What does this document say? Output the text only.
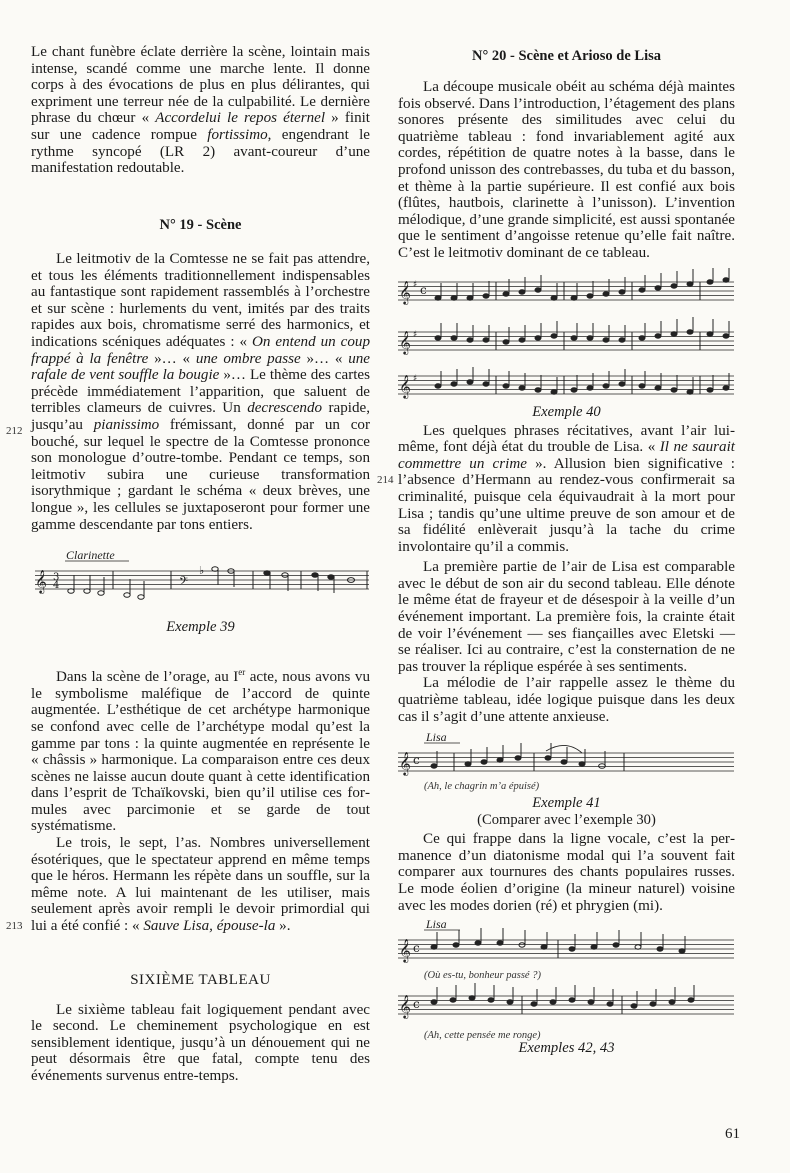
Le chant funèbre éclate derrière la scène, lointain mais intense, scandé comme une marche lente. Il donne corps à des évocations de plus en plus délirantes, qui expriment une terreur née de la culpabilité. Le dernière phrase du chœur « Accordelui le repos éternel » finit sur une cadence rompue fortissimo, engendrant le rythme syncopé (LR 2) avant-coureur d’une manifestation redoutable.

N° 19 - Scène

Le leitmotiv de la Comtesse ne se fait pas attendre, et tous les éléments traditionnellement indispensables au fantastique sont rapidement rassemblés à l’orchestre et sur scène : hurlements du vent, imités par des traits rapides aux bois, chromatisme serré des harmonics, et indications scéniques adéquates : « On entend un coup frappé à la fenêtre »… « une ombre passe »… « une rafale de vent souffle la bougie »… Le thème des cartes précède immédiatement l’apparition, que saluent de terribles clameurs de cuivres. Un decrescendo rapide, jusqu’au pianissimo frémissant, donné par un cor bouché, sur lequel le spectre de la Comtesse prononce son monologue d’outre-tombe. Pendant ce temps, son leitmotiv subira une curieuse transformation isorythmique ; gardant le schéma « deux brèves, une longue », les cellules se juxtaposeront pour former une gamme descendante par tons entiers.

Clarinette
𝄞 3
4	𝄢
♭
Exemple 39

Dans la scène de l’orage, au Ier acte, nous avons vu le symbolisme maléfique de l’accord de quinte augmentée. L’esthétique de cet archétype harmonique se confond avec celle de l’archétype modal qu’est la gamme par tons : la quinte augmentée en représente le « châssis » harmonique. La comparaison entre ces deux scènes ne laisse aucun doute quant à cette identification dans l’esprit de Tchaïkovski, bien qu’il utilise ces formules avec parcimonie et se garde de tout systématisme.

Le trois, le sept, l’as. Nombres universellement ésotériques, que le spectateur apprend en même temps que le héros. Hermann les répète dans un souffle, sur la même note. A lui maintenant de les utiliser, mais seulement après avoir rempli le devoir primordial qui lui a été confié : « Sauve Lisa, épouse-la ».

SIXIÈME TABLEAU

Le sixième tableau fait logiquement pendant avec le second. Le cheminement psychologique en est sensiblement identique, jusqu’à un dénouement qui ne peut désormais être que fatal, compte tenu des événements survenus entre-temps.

212
214
213
N° 20 - Scène et Arioso de Lisa

La découpe musicale obéit au schéma déjà maintes fois observé. Dans l’introduction, l’étagement des plans sonores présente des similitudes avec celui du quatrième tableau : fond invariablement agité aux cordes, répétition de quatre notes à la basse, dans le profond unisson des contrebasses, du tuba et du basson, et thème à la partie supérieure. Il est confié aux bois (flûtes, hautbois, clarinette à l’unisson). L’invention mélodique, d’une grande simplicité, est aussi spontanée que le sentiment d’angoisse retenue qu’elle fait naître. C’est le leitmotiv dominant de ce tableau.

𝄞 ♯ c
𝄞 ♯
𝄞 ♯
Exemple 40

Les quelques phrases récitatives, avant l’air lui-même, font déjà état du trouble de Lisa. « Il ne saurait commettre un crime ». Allusion bien significative : l’absence d’Hermann au rendez-vous confirmerait sa criminalité, puisque cela équivaudrait à la mort pour Lisa ; tandis qu’une ultime preuve de son amour et de sa fidélité enlèverait jusqu’à la tache du crime involontaire qu’il a commis.

La première partie de l’air de Lisa est comparable avec le début de son air du second tableau. Elle dénote le même état de frayeur et de désespoir à la veille d’un événement important. La première fois, la crainte était de voir l’événement — ses fiançailles avec Eletski — se réaliser. Ici au contraire, c’est la consternation de ne pas trouver la réplique espérée à ses sentiments.

La mélodie de l’air rappelle assez le thème du quatrième tableau, idée logique puisque dans les deux cas il s’agit d’une attente anxieuse.

Lisa
𝄞 c
(Ah, le chagrin m’a épuisé)
Exemple 41
(Comparer avec l’exemple 30)

Ce qui frappe dans la ligne vocale, c’est la permanence d’un diatonisme modal qui l’a souvent fait comparer aux tournures des chants populaires russes. Le mode éolien d’origine (la mineur naturel) voisine avec les modes dorien (ré) et phrygien (mi).

Lisa
𝄞 c
𝄞 c
(Où es-tu, bonheur passé ?)
(Ah, cette pensée me ronge)
Exemples 42, 43
61
